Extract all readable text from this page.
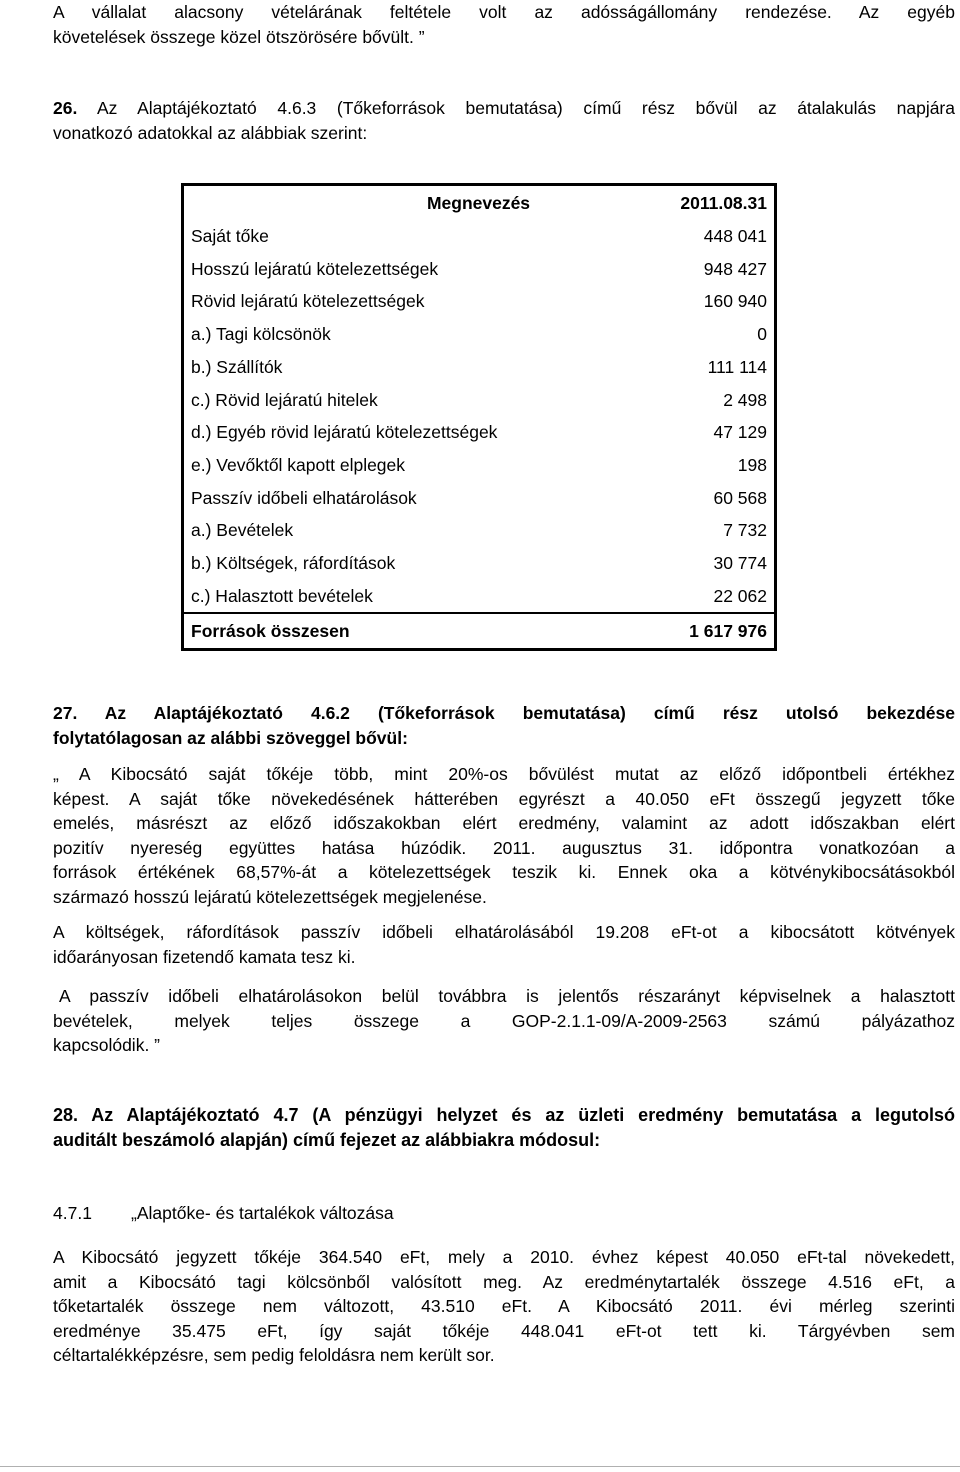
A vállalat alacsony vételárának feltétele volt az adósságállomány rendezése. Az egyéb
követelések összege közel ötszörösére bővült. ”
26. Az Alaptájékoztató 4.6.3 (Tőkeforrások bemutatása) című rész bővül az átalakulás napjára
vonatkozó adatokkal az alábbiak szerint:
Megnevezés	2011.08.31
Saját tőke	448 041
Hosszú lejáratú kötelezettségek	948 427
Rövid lejáratú kötelezettségek	160 940
a.) Tagi kölcsönök	0
b.) Szállítók	111 114
c.) Rövid lejáratú hitelek	2 498
d.) Egyéb rövid lejáratú kötelezettségek	47 129
e.) Vevőktől kapott elplegek	198
Passzív időbeli elhatárolások	60 568
a.) Bevételek	7 732
b.) Költségek, ráfordítások	30 774
c.) Halasztott bevételek	22 062
Források összesen	1 617 976
27. Az Alaptájékoztató 4.6.2 (Tőkeforrások bemutatása) című rész utolsó bekezdése
folytatólagosan az alábbi szöveggel bővül:
„ A Kibocsátó saját tőkéje több, mint 20%-os bővülést mutat az előző időpontbeli értékhez
képest. A saját tőke növekedésének hátterében egyrészt a 40.050 eFt összegű jegyzett tőke
emelés, másrészt az előző időszakokban elért eredmény, valamint az adott időszakban elért
pozitív nyereség együttes hatása húzódik. 2011. augusztus 31. időpontra vonatkozóan a
források értékének 68,57%-át a kötelezettségek teszik ki. Ennek oka a kötvénykibocsátásokból
származó hosszú lejáratú kötelezettségek megjelenése.
A költségek, ráfordítások passzív időbeli elhatárolásából 19.208 eFt-ot a kibocsátott kötvények
időarányosan fizetendő kamata tesz ki.
A passzív időbeli elhatárolásokon belül továbbra is jelentős részarányt képviselnek a halasztott
bevételek, melyek teljes összege a GOP-2.1.1-09/A-2009-2563 számú pályázathoz
kapcsolódik. ”
28. Az Alaptájékoztató 4.7 (A pénzügyi helyzet és az üzleti eredmény bemutatása a legutolsó
auditált beszámoló alapján) című fejezet az alábbiakra módosul:
4.7.1 „Alaptőke- és tartalékok változása
A Kibocsátó jegyzett tőkéje 364.540 eFt, mely a 2010. évhez képest 40.050 eFt-tal növekedett,
amit a Kibocsátó tagi kölcsönből valósított meg. Az eredménytartalék összege 4.516 eFt, a
tőketartalék összege nem változott, 43.510 eFt. A Kibocsátó 2011. évi mérleg szerinti
eredménye 35.475 eFt, így saját tőkéje 448.041 eFt-ot tett ki. Tárgyévben sem
céltartalékképzésre, sem pedig feloldásra nem került sor.
